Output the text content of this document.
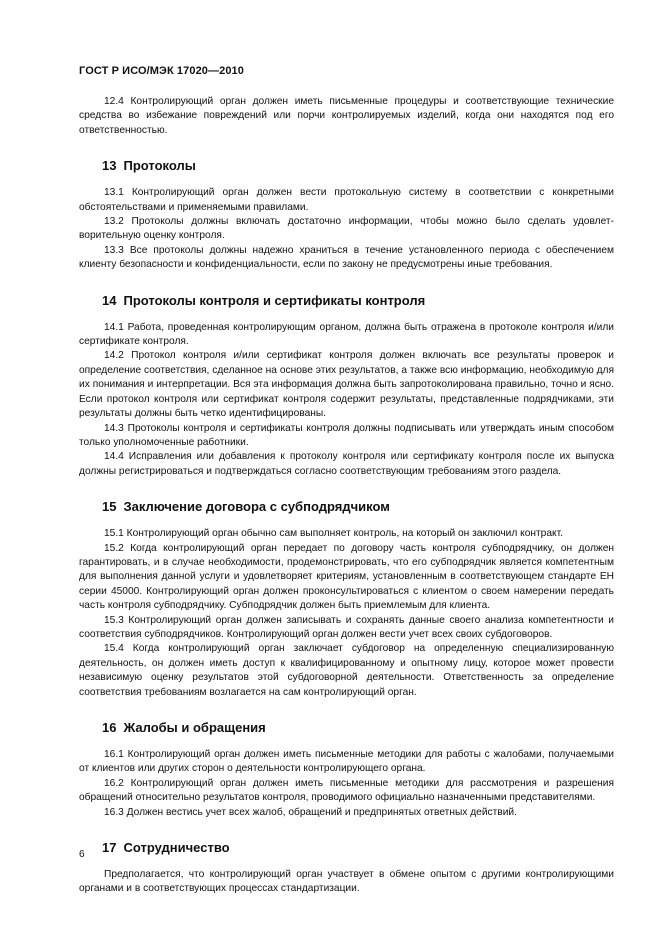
ГОСТ Р ИСО/МЭК 17020—2010

12.4 Контролирующий орган должен иметь письменные процедуры и соответствующие технические средства во избежание повреждений или порчи контролируемых изделий, когда они находятся под его ответственностью.

13 Протоколы

13.1 Контролирующий орган должен вести протокольную систему в соответствии с конкретными обстоятельствами и применяемыми правилами.

13.2 Протоколы должны включать достаточно информации, чтобы можно было сделать удовлетворительную оценку контроля.

13.3 Все протоколы должны надежно храниться в течение установленного периода с обеспечением клиенту безопасности и конфиденциальности, если по закону не предусмотрены иные требования.

14 Протоколы контроля и сертификаты контроля

14.1 Работа, проведенная контролирующим органом, должна быть отражена в протоколе контроля и/или сертификате контроля.

14.2 Протокол контроля и/или сертификат контроля должен включать все результаты проверок и определение соответствия, сделанное на основе этих результатов, а также всю информацию, необходимую для их понимания и интерпретации. Вся эта информация должна быть запротоколирована правильно, точно и ясно. Если протокол контроля или сертификат контроля содержит результаты, представленные подрядчиками, эти результаты должны быть четко идентифицированы.

14.3 Протоколы контроля и сертификаты контроля должны подписывать или утверждать иным способом только уполномоченные работники.

14.4 Исправления или добавления к протоколу контроля или сертификату контроля после их выпуска должны регистрироваться и подтверждаться согласно соответствующим требованиям этого раздела.

15 Заключение договора с субподрядчиком

15.1 Контролирующий орган обычно сам выполняет контроль, на который он заключил контракт.

15.2 Когда контролирующий орган передает по договору часть контроля субподрядчику, он должен гарантировать, и в случае необходимости, продемонстрировать, что его субподрядчик является компетентным для выполнения данной услуги и удовлетворяет критериям, установленным в соответствующем стандарте ЕН серии 45000. Контролирующий орган должен проконсультироваться с клиентом о своем намерении передать часть контроля субподрядчику. Субподрядчик должен быть приемлемым для клиента.

15.3 Контролирующий орган должен записывать и сохранять данные своего анализа компетентности и соответствия субподрядчиков. Контролирующий орган должен вести учет всех своих субдоговоров.

15.4 Когда контролирующий орган заключает субдоговор на определенную специализированную деятельность, он должен иметь доступ к квалифицированному и опытному лицу, которое может провести независимую оценку результатов этой субдоговорной деятельности. Ответственность за определение соответствия требованиям возлагается на сам контролирующий орган.

16 Жалобы и обращения

16.1 Контролирующий орган должен иметь письменные методики для работы с жалобами, получаемыми от клиентов или других сторон о деятельности контролирующего органа.

16.2 Контролирующий орган должен иметь письменные методики для рассмотрения и разрешения обращений относительно результатов контроля, проводимого официально назначенными представителями.

16.3 Должен вестись учет всех жалоб, обращений и предпринятых ответных действий.

17 Сотрудничество

Предполагается, что контролирующий орган участвует в обмене опытом с другими контролирующими органами и в соответствующих процессах стандартизации.

6
